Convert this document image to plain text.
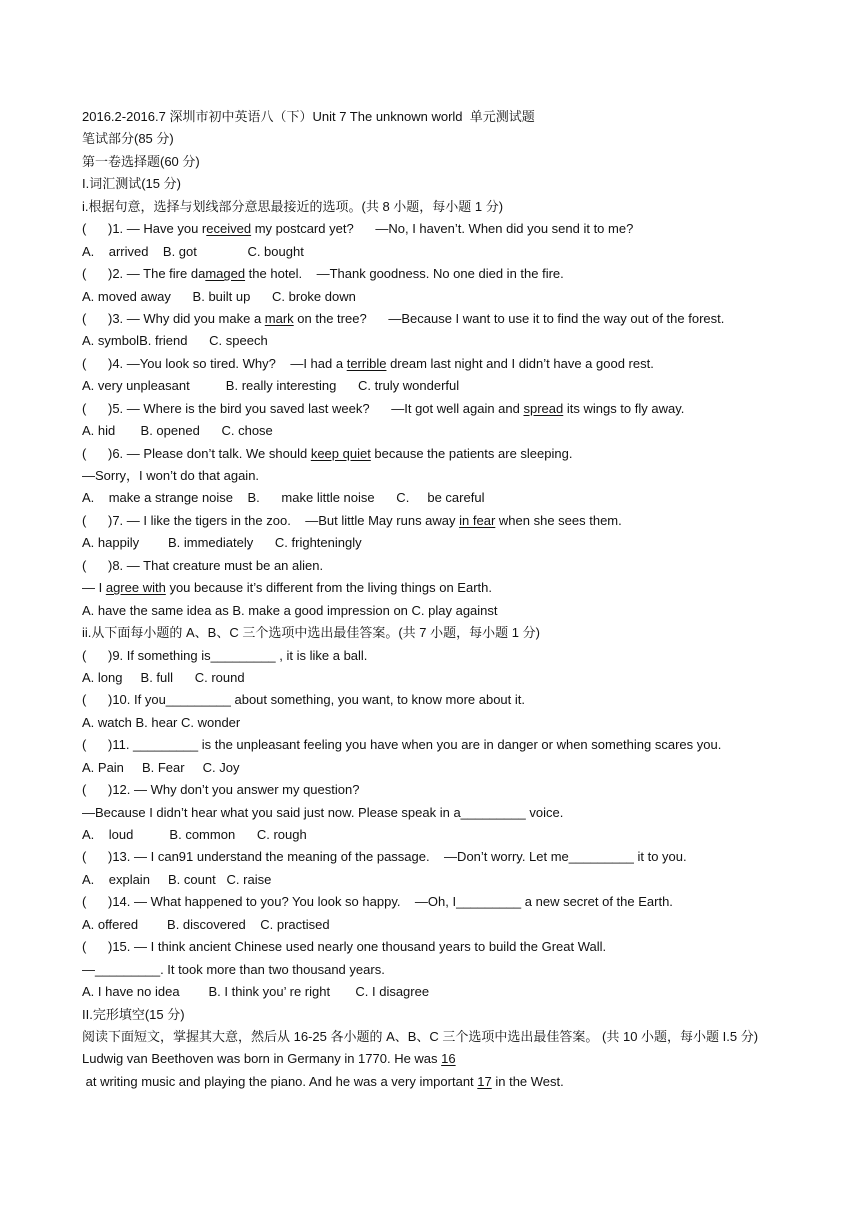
2016.2-2016.7 深圳市初中英语八（下）Unit 7 The unknown world  单元测试题
笔试部分(85 分)
第一卷选择题(60 分)
I.词汇测试(15 分)
i.根据句意，选择与划线部分意思最接近的选项。(共 8 小题，每小题 1 分)
(      )1. — Have you received my postcard yet?      —No, I haven’t. When did you send it to me?
A.    arrived    B. got              C. bought
(      )2. — The fire damaged the hotel.    —Thank goodness. No one died in the fire.
A. moved away      B. built up      C. broke down
(      )3. — Why did you make a mark on the tree?      —Because I want to use it to find the way out of the forest.
A. symbolB. friend      C. speech
(      )4. —You look so tired. Why?    —I had a terrible dream last night and I didn’t have a good rest.
A. very unpleasant          B. really interesting      C. truly wonderful
(      )5. — Where is the bird you saved last week?      —It got well again and spread its wings to fly away.
A. hid       B. opened      C. chose
(      )6. — Please don’t talk. We should keep quiet because the patients are sleeping.
—Sorry，I won’t do that again.
A.    make a strange noise    B.      make little noise      C.     be careful
(      )7. — I like the tigers in the zoo.    —But little May runs away in fear when she sees them.
A. happily        B. immediately      C. frighteningly
(      )8. — That creature must be an alien.
— I agree with you because it’s different from the living things on Earth.
A. have the same idea as B. make a good impression on C. play against
ii.从下面每小题的 A、B、C 三个选项中选出最佳答案。(共 7 小题，每小题 1 分)
(      )9. If something is_________ , it is like a ball.
A. long     B. full      C. round
(      )10. If you_________ about something, you want, to know more about it.
A. watch B. hear C. wonder
(      )11. _________ is the unpleasant feeling you have when you are in danger or when something scares you.
A. Pain     B. Fear     C. Joy
(      )12. — Why don’t you answer my question?
—Because I didn’t hear what you said just now. Please speak in a_________ voice.
A.    loud          B. common      C. rough
(      )13. — I can91 understand the meaning of the passage.    —Don’t worry. Let me_________ it to you.
A.    explain     B. count   C. raise
(      )14. — What happened to you? You look so happy.    —Oh, I_________ a new secret of the Earth.
A. offered        B. discovered    C. practised
(      )15. — I think ancient Chinese used nearly one thousand years to build the Great Wall.
—_________. It took more than two thousand years.
A. I have no idea        B. I think you’ re right       C. I disagree
II.完形填空(15 分)
阅读下面短文，掌握其大意，然后从 16-25 各小题的 A、B、C 三个选项中选出最佳答案。 (共 10 小题，每小题 I.5 分)
Ludwig van Beethoven was born in Germany in 1770. He was 16 at writing music and playing the piano. And he was a very important 17 in the West.
